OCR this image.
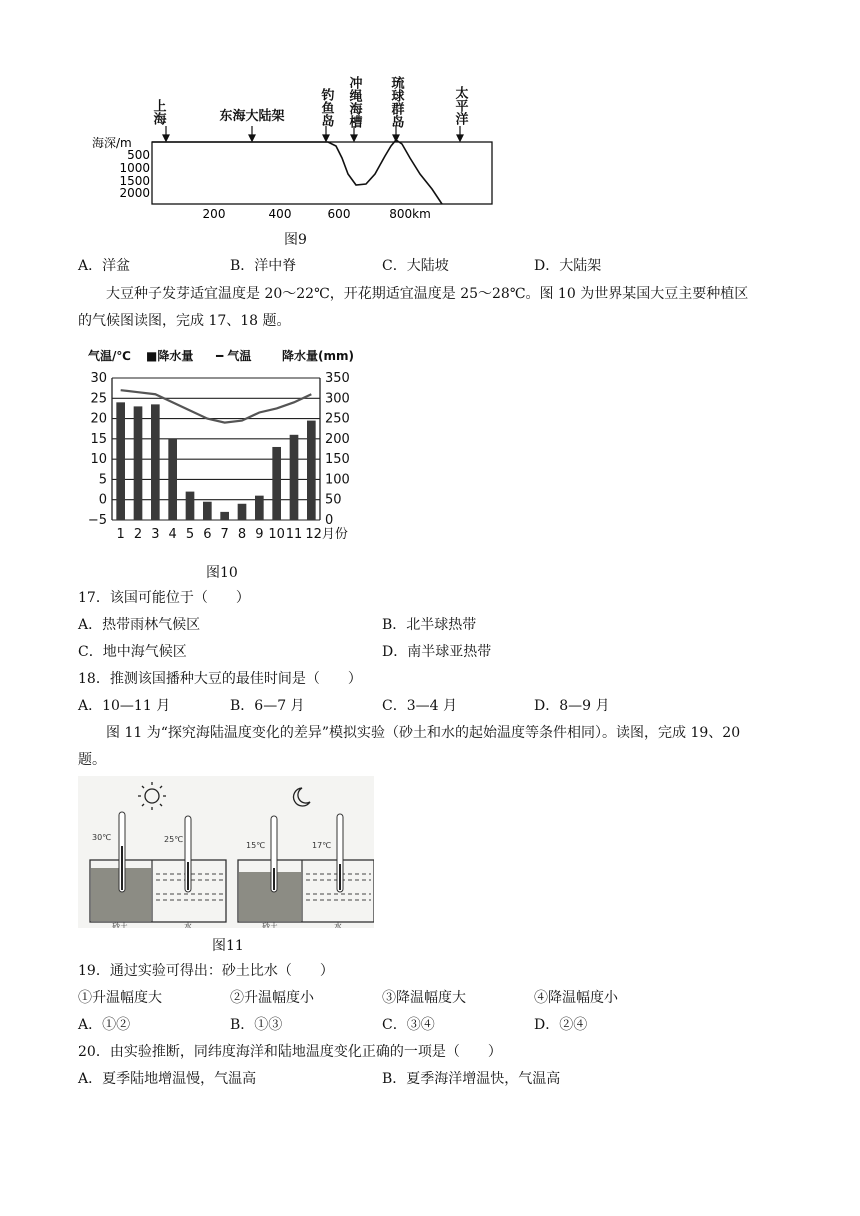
上海	东海大陆架	钓鱼岛 冲绳海槽 琉球群岛	太平洋
海深/m
500
1000
1500
2000
200	400	600	800km
图9
A．洋盆	B．洋中脊	C．大陆坡	D．大陆架
大豆种子发芽适宜温度是 20～22℃，开花期适宜温度是 25～28℃。图 10 为世界某国大豆主要种植区
的气候图读图，完成 17、18 题。
气温/℃ ■降水量 ━ 气温	降水量(mm)
30
25
20
15
10
5
0
−5
350
300
250
200
150
100
50
0
1 2 3 4 5 6 7 8 9 10 11 12月份
图10
17．该国可能位于（　　）
A．热带雨林气候区	B．北半球热带
C．地中海气候区	D．南半球亚热带
18．推测该国播种大豆的最佳时间是（　　）
A．10—11 月	B．6—7 月	C．3—4 月	D．8—9 月
图 11 为“探究海陆温度变化的差异”模拟实验（砂土和水的起始温度等条件相同）。读图，完成 19、20
题。
30℃	25℃
15℃	17℃
砂土	水	砂土	水
图11
19．通过实验可得出：砂土比水（　　）
①升温幅度大	②升温幅度小	③降温幅度大	④降温幅度小
A．①②	B．①③	C．③④	D．②④
20．由实验推断，同纬度海洋和陆地温度变化正确的一项是（　　）
A．夏季陆地增温慢，气温高	B．夏季海洋增温快，气温高
